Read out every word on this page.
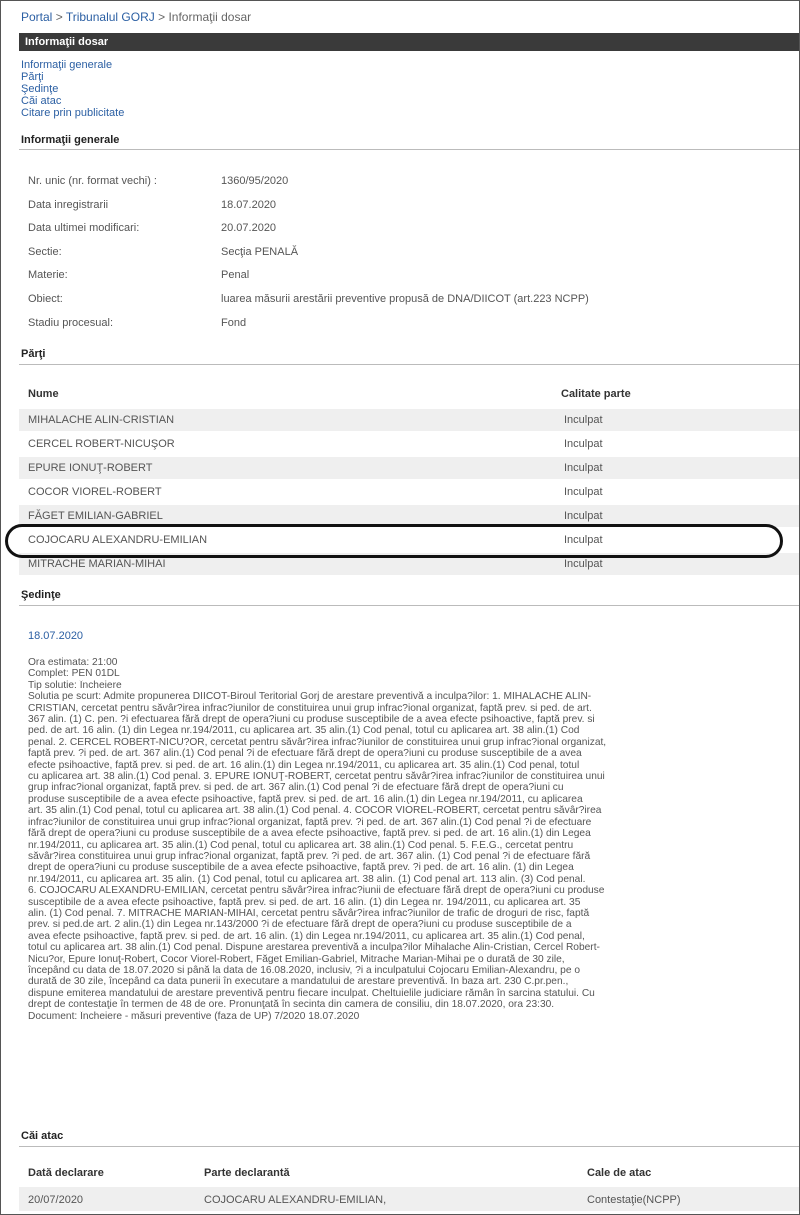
Portal > Tribunalul GORJ > Informaţii dosar
Informaţii dosar
Informaţii generale
Părţi
Şedinţe
Căi atac
Citare prin publicitate
Informaţii generale
Nr. unic (nr. format vechi) :	1360/95/2020
Data inregistrarii	18.07.2020
Data ultimei modificari:	20.07.2020
Sectie:	Secţia PENALĂ
Materie:	Penal
Obiect:	luarea măsurii arestării preventive propusă de DNA/DIICOT (art.223 NCPP)
Stadiu procesual:	Fond
Părţi
Nume	Calitate parte
MIHALACHE ALIN-CRISTIAN	Inculpat
CERCEL ROBERT-NICUŞOR	Inculpat
EPURE IONUŢ-ROBERT	Inculpat
COCOR VIOREL-ROBERT	Inculpat
FĂGET EMILIAN-GABRIEL	Inculpat
COJOCARU ALEXANDRU-EMILIAN	Inculpat
MITRACHE MARIAN-MIHAI	Inculpat
Şedinţe
18.07.2020
Ora estimata: 21:00
Complet: PEN 01DL
Tip solutie: Încheiere
Solutia pe scurt: Admite propunerea DIICOT-Biroul Teritorial Gorj de arestare preventivă a inculpa?ilor: 1. MIHALACHE ALIN-
CRISTIAN, cercetat pentru săvâr?irea infrac?iunilor de constituirea unui grup infrac?ional organizat, faptă prev. si ped. de art.
367 alin. (1) C. pen. ?i efectuarea fără drept de opera?iuni cu produse susceptibile de a avea efecte psihoactive, faptă prev. si
ped. de art. 16 alin. (1) din Legea nr.194/2011, cu aplicarea art. 35 alin.(1) Cod penal, totul cu aplicarea art. 38 alin.(1) Cod
penal. 2. CERCEL ROBERT-NICU?OR, cercetat pentru săvâr?irea infrac?iunilor de constituirea unui grup infrac?ional organizat,
faptă prev. ?i ped. de art. 367 alin.(1) Cod penal ?i de efectuare fără drept de opera?iuni cu produse susceptibile de a avea
efecte psihoactive, faptă prev. si ped. de art. 16 alin.(1) din Legea nr.194/2011, cu aplicarea art. 35 alin.(1) Cod penal, totul
cu aplicarea art. 38 alin.(1) Cod penal. 3. EPURE IONUŢ-ROBERT, cercetat pentru săvâr?irea infrac?iunilor de constituirea unui
grup infrac?ional organizat, faptă prev. si ped. de art. 367 alin.(1) Cod penal ?i de efectuare fără drept de opera?iuni cu
produse susceptibile de a avea efecte psihoactive, faptă prev. si ped. de art. 16 alin.(1) din Legea nr.194/2011, cu aplicarea
art. 35 alin.(1) Cod penal, totul cu aplicarea art. 38 alin.(1) Cod penal. 4. COCOR VIOREL-ROBERT, cercetat pentru săvâr?irea
infrac?iunilor de constituirea unui grup infrac?ional organizat, faptă prev. ?i ped. de art. 367 alin.(1) Cod penal ?i de efectuare
fără drept de opera?iuni cu produse susceptibile de a avea efecte psihoactive, faptă prev. si ped. de art. 16 alin.(1) din Legea
nr.194/2011, cu aplicarea art. 35 alin.(1) Cod penal, totul cu aplicarea art. 38 alin.(1) Cod penal. 5. F.E.G., cercetat pentru
săvâr?irea constituirea unui grup infrac?ional organizat, faptă prev. ?i ped. de art. 367 alin. (1) Cod penal ?i de efectuare fără
drept de opera?iuni cu produse susceptibile de a avea efecte psihoactive, faptă prev. ?i ped. de art. 16 alin. (1) din Legea
nr.194/2011, cu aplicarea art. 35 alin. (1) Cod penal, totul cu aplicarea art. 38 alin. (1) Cod penal art. 113 alin. (3) Cod penal.
6. COJOCARU ALEXANDRU-EMILIAN, cercetat pentru săvâr?irea infrac?iunii de efectuare fără drept de opera?iuni cu produse
susceptibile de a avea efecte psihoactive, faptă prev. si ped. de art. 16 alin. (1) din Legea nr. 194/2011, cu aplicarea art. 35
alin. (1) Cod penal. 7. MITRACHE MARIAN-MIHAI, cercetat pentru săvâr?irea infrac?iunilor de trafic de droguri de risc, faptă
prev. si ped.de art. 2 alin.(1) din Legea nr.143/2000 ?i de efectuare fără drept de opera?iuni cu produse susceptibile de a
avea efecte psihoactive, faptă prev. si ped. de art. 16 alin. (1) din Legea nr.194/2011, cu aplicarea art. 35 alin.(1) Cod penal,
totul cu aplicarea art. 38 alin.(1) Cod penal. Dispune arestarea preventivă a inculpa?ilor Mihalache Alin-Cristian, Cercel Robert-
Nicu?or, Epure Ionuţ-Robert, Cocor Viorel-Robert, Făget Emilian-Gabriel, Mitrache Marian-Mihai pe o durată de 30 zile,
începând cu data de 18.07.2020 si până la data de 16.08.2020, inclusiv, ?i a inculpatului Cojocaru Emilian-Alexandru, pe o
durată de 30 zile, începând ca data punerii în executare a mandatului de arestare preventivă. În baza art. 230 C.pr.pen.,
dispune emiterea mandatului de arestare preventivă pentru fiecare inculpat. Cheltuielile judiciare rămân în sarcina statului. Cu
drept de contestaţie în termen de 48 de ore. Pronunţată în secinta din camera de consiliu, din 18.07.2020, ora 23:30.
Document: Încheiere - măsuri preventive (faza de UP) 7/2020 18.07.2020
Căi atac
Dată declarare	Parte declarantă	Cale de atac
20/07/2020	COJOCARU ALEXANDRU-EMILIAN,	Contestaţie(NCPP)
